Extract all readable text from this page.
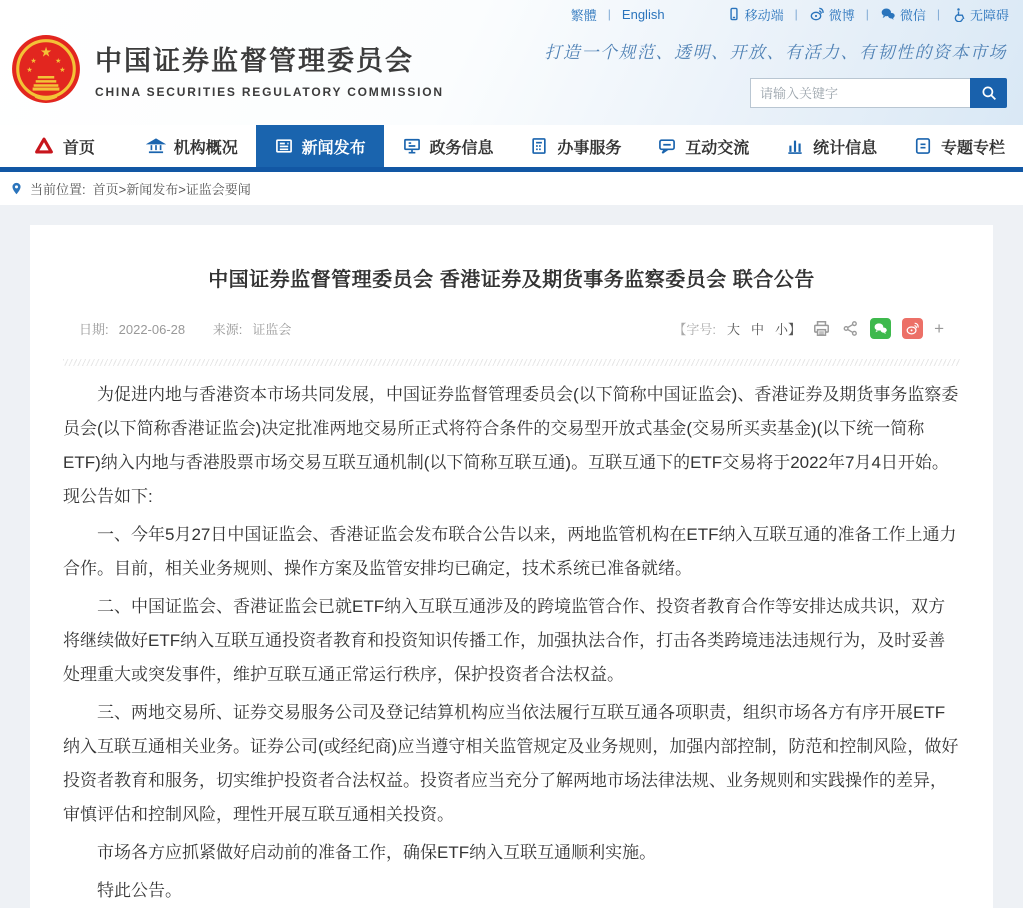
繁體 | English	移动端 | 微博 | 微信 | 无障碍
★
★	★
★	★ 中国证券监督管理委员会
CHINA SECURITIES REGULATORY COMMISSION
打造一个规范、透明、开放、有活力、有韧性的资本市场
请输入关键字
首页	机构概况	新闻发布	政务信息	办事服务	互动交流	统计信息	专题专栏
当前位置: 首页>新闻发布>证监会要闻
中国证券监督管理委员会 香港证券及期货事务监察委员会 联合公告
日期: 2022-06-28 来源: 证监会	【字号: 大 中 小】	+

为促进内地与香港资本市场共同发展，中国证券监督管理委员会(以下简称中国证监会)、香港证券及期货事务监察委员会(以下简称香港证监会)决定批准两地交易所正式将符合条件的交易型开放式基金(交易所买卖基金)(以下统一简称ETF)纳入内地与香港股票市场交易互联互通机制(以下简称互联互通)。互联互通下的ETF交易将于2022年7月4日开始。现公告如下:

一、今年5月27日中国证监会、香港证监会发布联合公告以来，两地监管机构在ETF纳入互联互通的准备工作上通力合作。目前，相关业务规则、操作方案及监管安排均已确定，技术系统已准备就绪。

二、中国证监会、香港证监会已就ETF纳入互联互通涉及的跨境监管合作、投资者教育合作等安排达成共识，双方将继续做好ETF纳入互联互通投资者教育和投资知识传播工作，加强执法合作，打击各类跨境违法违规行为，及时妥善处理重大或突发事件，维护互联互通正常运行秩序，保护投资者合法权益。

三、两地交易所、证券交易服务公司及登记结算机构应当依法履行互联互通各项职责，组织市场各方有序开展ETF纳入互联互通相关业务。证券公司(或经纪商)应当遵守相关监管规定及业务规则，加强内部控制，防范和控制风险，做好投资者教育和服务，切实维护投资者合法权益。投资者应当充分了解两地市场法律法规、业务规则和实践操作的差异，审慎评估和控制风险，理性开展互联互通相关投资。

市场各方应抓紧做好启动前的准备工作，确保ETF纳入互联互通顺利实施。

特此公告。
